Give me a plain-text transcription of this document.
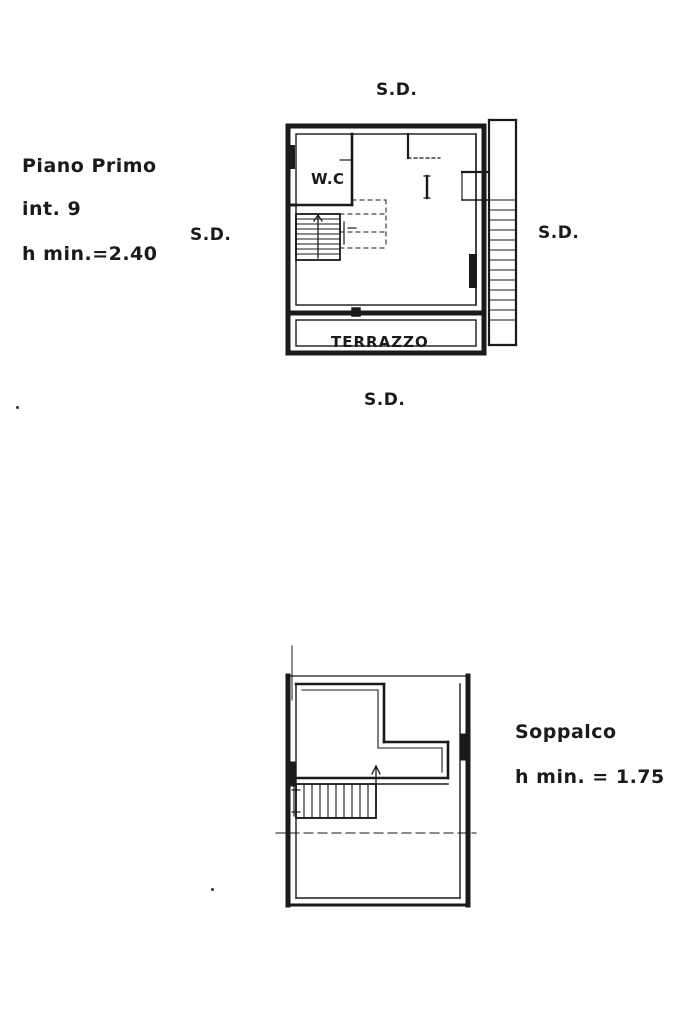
Piano Primo
int. 9
h min.=2.40
S.D.
S.D.	S.D.
S.D.
W.C
TERRAZZO
Soppalco
h min. = 1.75
